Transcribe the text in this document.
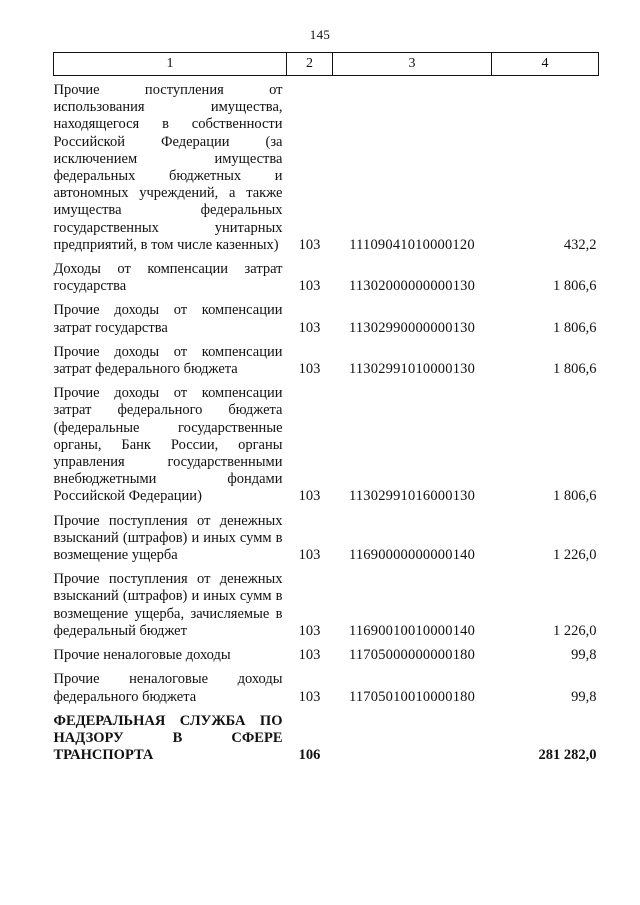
145
1	2	3	4
Прочие поступления от использования имущества, находящегося в собственности Российской Федерации (за исключением имущества федеральных бюджетных и автономных учреждений, а также имущества федеральных государственных унитарных предприятий, в том числе казенных)	103	11109041010000120	432,2
Доходы от компенсации затрат государства	103	11302000000000130	1 806,6
Прочие доходы от компенсации затрат государства	103	11302990000000130	1 806,6
Прочие доходы от компенсации затрат федерального бюджета	103	11302991010000130	1 806,6
Прочие доходы от компенсации затрат федерального бюджета (федеральные государственные органы, Банк России, органы управления государственными внебюджетными фондами Российской Федерации)	103	11302991016000130	1 806,6
Прочие поступления от денежных взысканий (штрафов) и иных сумм в возмещение ущерба	103	11690000000000140	1 226,0
Прочие поступления от денежных взысканий (штрафов) и иных сумм в возмещение ущерба, зачисляемые в федеральный бюджет	103	11690010010000140	1 226,0
Прочие неналоговые доходы	103	11705000000000180	99,8
Прочие неналоговые доходы федерального бюджета	103	11705010010000180	99,8
ФЕДЕРАЛЬНАЯ СЛУЖБА ПО НАДЗОРУ В СФЕРЕ ТРАНСПОРТА	106		281 282,0
